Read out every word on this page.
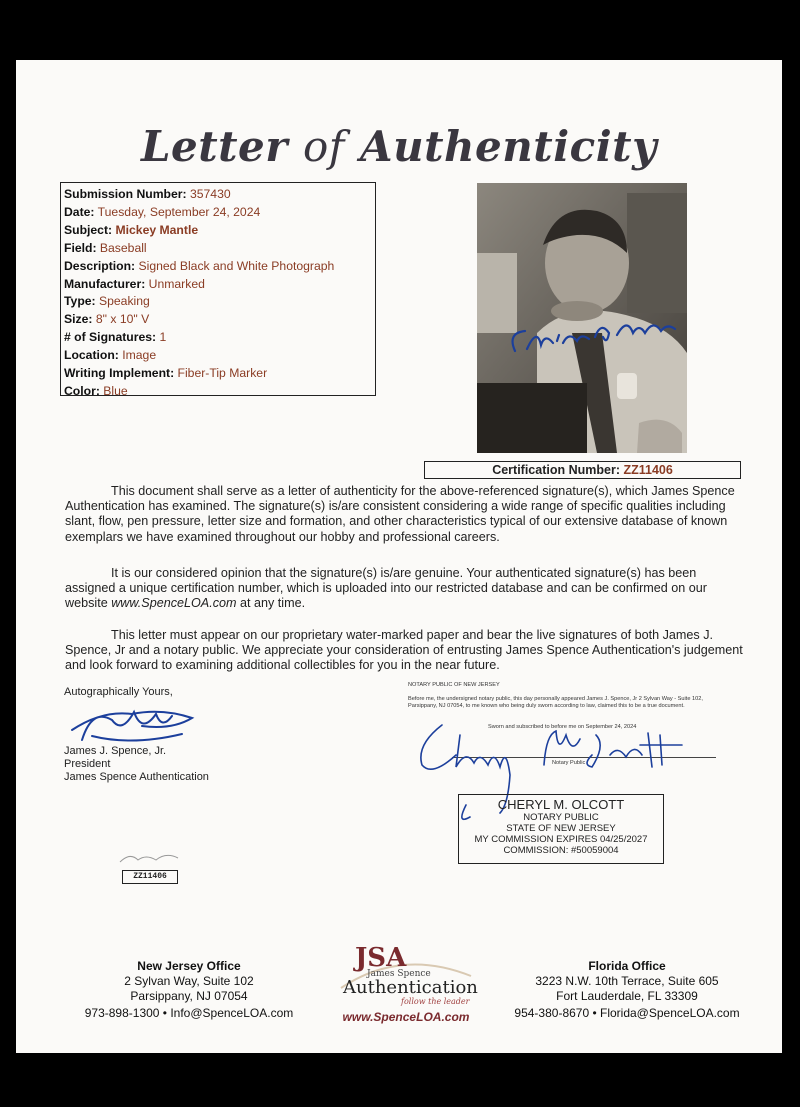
Letter of Authenticity
Submission Number: 357430
Date: Tuesday, September 24, 2024
Subject: Mickey Mantle
Field: Baseball
Description: Signed Black and White Photograph
Manufacturer: Unmarked
Type: Speaking
Size: 8" x 10" V
# of Signatures: 1
Location: Image
Writing Implement: Fiber-Tip Marker
Color: Blue
Certification Number: ZZ11406

This document shall serve as a letter of authenticity for the above-referenced signature(s), which James Spence Authentication has examined. The signature(s) is/are consistent considering a wide range of specific qualities including slant, flow, pen pressure, letter size and formation, and other characteristics typical of our extensive database of known exemplars we have examined throughout our hobby and professional careers.

It is our considered opinion that the signature(s) is/are genuine. Your authenticated signature(s) has been assigned a unique certification number, which is uploaded into our restricted database and can be confirmed on our website www.SpenceLOA.com at any time.

This letter must appear on our proprietary water-marked paper and bear the live signatures of both James J. Spence, Jr and a notary public. We appreciate your consideration of entrusting James Spence Authentication's judgement and look forward to examining additional collectibles for you in the near future.

Autographically Yours,
James J. Spence, Jr.
President
James Spence Authentication
ZZ11406
NOTARY PUBLIC OF NEW JERSEY
Before me, the undersigned notary public, this day personally appeared James J. Spence, Jr 2 Sylvan Way - Suite 102, Parsippany, NJ 07054, to me known who being duly sworn according to law, claimed this to be a true document.
Sworn and subscribed to before me on September 24, 2024
Notary Public
CHERYL M. OLCOTT
NOTARY PUBLIC
STATE OF NEW JERSEY
MY COMMISSION EXPIRES 04/25/2027
COMMISSION: #50059004
New Jersey Office
2 Sylvan Way, Suite 102
Parsippany, NJ 07054
973-898-1300 • Info@SpenceLOA.com
JSA
James Spence
Authentication
follow the leader
www.SpenceLOA.com
Florida Office
3223 N.W. 10th Terrace, Suite 605
Fort Lauderdale, FL 33309
954-380-8670 • Florida@SpenceLOA.com
